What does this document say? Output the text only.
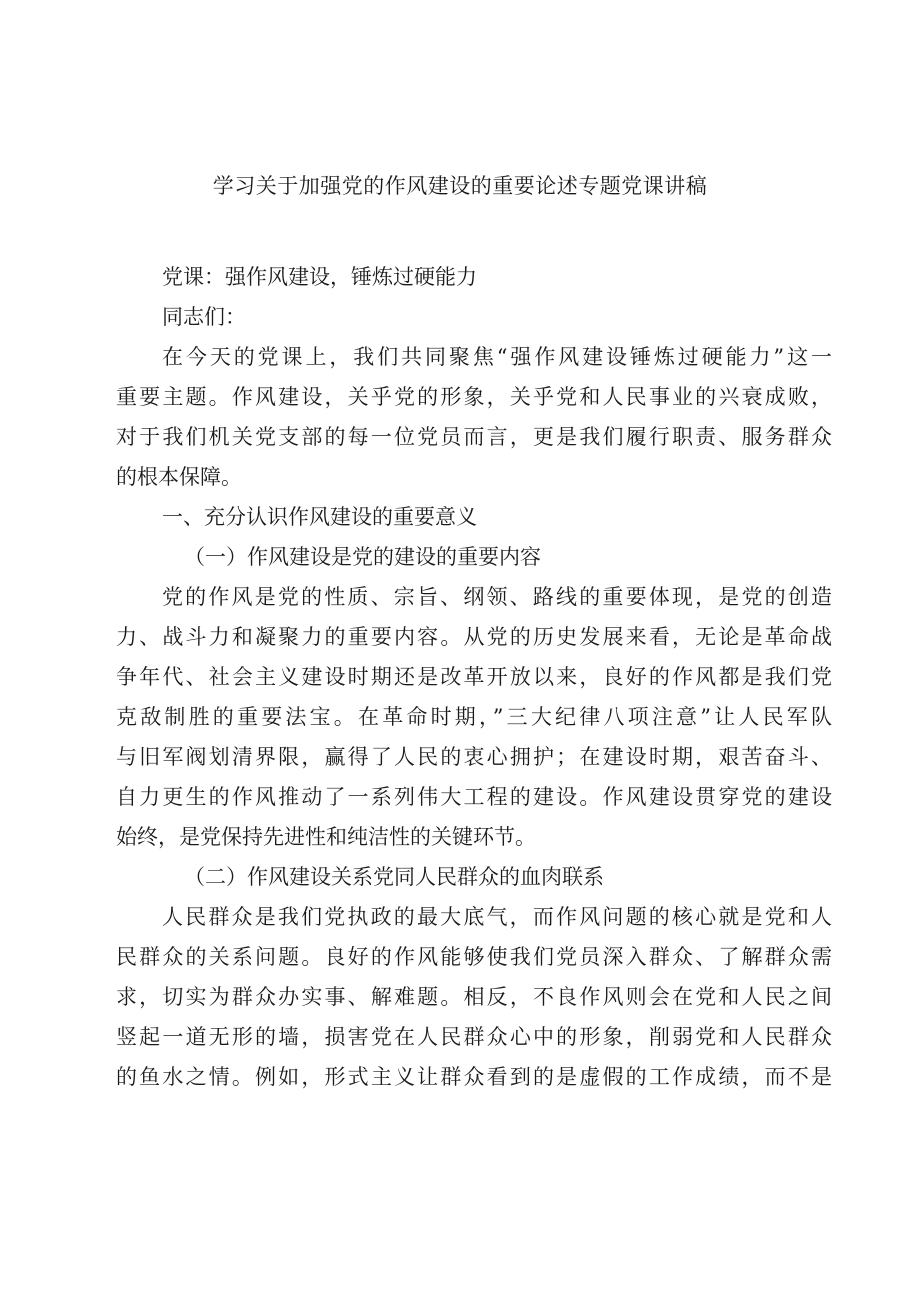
学习关于加强党的作风建设的重要论述专题党课讲稿

党课：强作风建设，锤炼过硬能力

同志们：

在今天的党课上，我们共同聚焦“强作风建设锤炼过硬能力”这一

重要主题。作风建设，关乎党的形象，关乎党和人民事业的兴衰成败，

对于我们机关党支部的每一位党员而言，更是我们履行职责、服务群众

的根本保障。

一、充分认识作风建设的重要意义

（一）作风建设是党的建设的重要内容

党的作风是党的性质、宗旨、纲领、路线的重要体现，是党的创造

力、战斗力和凝聚力的重要内容。从党的历史发展来看，无论是革命战

争年代、社会主义建设时期还是改革开放以来，良好的作风都是我们党

克敌制胜的重要法宝。在革命时期，”三大纪律八项注意”让人民军队

与旧军阀划清界限，赢得了人民的衷心拥护；在建设时期，艰苦奋斗、

自力更生的作风推动了一系列伟大工程的建设。作风建设贯穿党的建设

始终，是党保持先进性和纯洁性的关键环节。

（二）作风建设关系党同人民群众的血肉联系

人民群众是我们党执政的最大底气，而作风问题的核心就是党和人

民群众的关系问题。良好的作风能够使我们党员深入群众、了解群众需

求，切实为群众办实事、解难题。相反，不良作风则会在党和人民之间

竖起一道无形的墙，损害党在人民群众心中的形象，削弱党和人民群众

的鱼水之情。例如，形式主义让群众看到的是虚假的工作成绩，而不是
